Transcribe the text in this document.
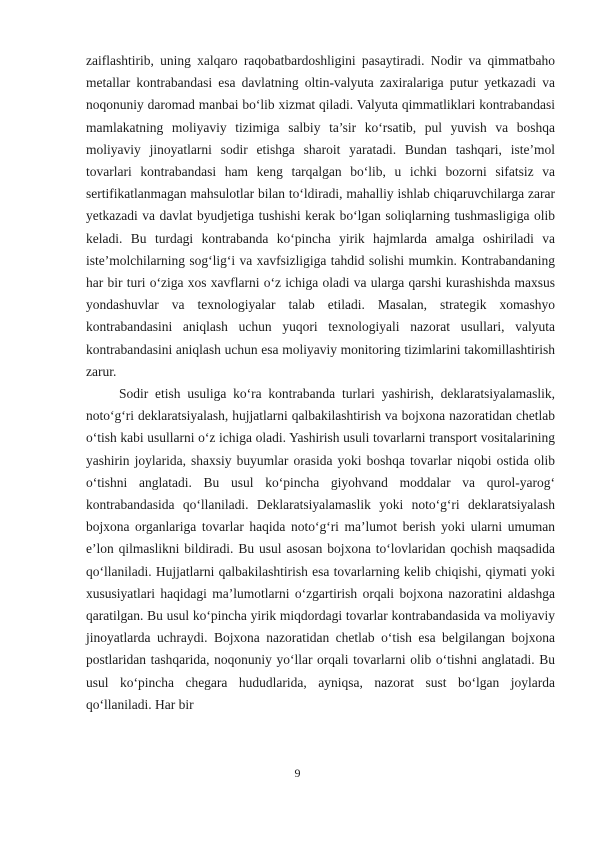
zaiflashtirib, uning xalqaro raqobatbardoshligini pasaytiradi. Nodir va qimmatbaho metallar kontrabandasi esa davlatning oltin-valyuta zaxiralariga putur yetkazadi va noqonuniy daromad manbai bo‘lib xizmat qiladi. Valyuta qimmatliklari kontrabandasi mamlakatning moliyaviy tizimiga salbiy ta’sir ko‘rsatib, pul yuvish va boshqa moliyaviy jinoyatlarni sodir etishga sharoit yaratadi. Bundan tashqari, iste’mol tovarlari kontrabandasi ham keng tarqalgan bo‘lib, u ichki bozorni sifatsiz va sertifikatlanmagan mahsulotlar bilan to‘ldiradi, mahalliy ishlab chiqaruvchilarga zarar yetkazadi va davlat byudjetiga tushishi kerak bo‘lgan soliqlarning tushmasligiga olib keladi. Bu turdagi kontrabanda ko‘pincha yirik hajmlarda amalga oshiriladi va iste’molchilarning sog‘lig‘i va xavfsizligiga tahdid solishi mumkin. Kontrabandaning har bir turi o‘ziga xos xavflarni o‘z ichiga oladi va ularga qarshi kurashishda maxsus yondashuvlar va texnologiyalar talab etiladi. Masalan, strategik xomashyo kontrabandasini aniqlash uchun yuqori texnologiyali nazorat usullari, valyuta kontrabandasini aniqlash uchun esa moliyaviy monitoring tizimlarini takomillashtirish zarur.

Sodir etish usuliga ko‘ra kontrabanda turlari yashirish, deklaratsiyalamaslik, noto‘g‘ri deklaratsiyalash, hujjatlarni qalbakilashtirish va bojxona nazoratidan chetlab o‘tish kabi usullarni o‘z ichiga oladi. Yashirish usuli tovarlarni transport vositalarining yashirin joylarida, shaxsiy buyumlar orasida yoki boshqa tovarlar niqobi ostida olib o‘tishni anglatadi. Bu usul ko‘pincha giyohvand moddalar va qurol-yarog‘ kontrabandasida qo‘llaniladi. Deklaratsiyalamaslik yoki noto‘g‘ri deklaratsiyalash bojxona organlariga tovarlar haqida noto‘g‘ri ma’lumot berish yoki ularni umuman e’lon qilmaslikni bildiradi. Bu usul asosan bojxona to‘lovlaridan qochish maqsadida qo‘llaniladi. Hujjatlarni qalbakilashtirish esa tovarlarning kelib chiqishi, qiymati yoki xususiyatlari haqidagi ma’lumotlarni o‘zgartirish orqali bojxona nazoratini aldashga qaratilgan. Bu usul ko‘pincha yirik miqdordagi tovarlar kontrabandasida va moliyaviy jinoyatlarda uchraydi. Bojxona nazoratidan chetlab o‘tish esa belgilangan bojxona postlaridan tashqarida, noqonuniy yo‘llar orqali tovarlarni olib o‘tishni anglatadi. Bu usul ko‘pincha chegara hududlarida, ayniqsa, nazorat sust bo‘lgan joylarda qo‘llaniladi. Har bir

9
